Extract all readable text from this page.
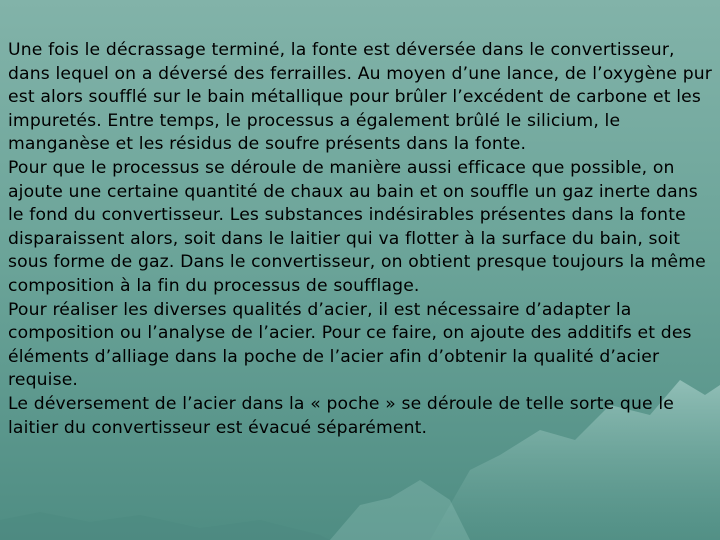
Une fois le décrassage terminé, la fonte est déversée dans le convertisseur, dans lequel on a déversé des ferrailles. Au moyen d’une lance, de l’oxygène pur est alors soufflé sur le bain métallique pour brûler l’excédent de carbone et les impuretés. Entre temps, le processus a également brûlé le silicium, le manganèse et les résidus de soufre présents dans la fonte.

Pour que le processus se déroule de manière aussi efficace que possible, on ajoute une certaine quantité de chaux au bain et on souffle un gaz inerte dans le fond du convertisseur. Les substances indésirables présentes dans la fonte disparaissent alors, soit dans le laitier qui va flotter à la surface du bain, soit sous forme de gaz. Dans le convertisseur, on obtient presque toujours la même composition à la fin du processus de soufflage.

Pour réaliser les diverses qualités d’acier, il est nécessaire d’adapter la composition ou l’analyse de l’acier. Pour ce faire, on ajoute des additifs et des éléments d’alliage dans la poche de l’acier afin d’obtenir la qualité d’acier requise.

Le déversement de l’acier dans la « poche » se déroule de telle sorte que le laitier du convertisseur est évacué séparément.
